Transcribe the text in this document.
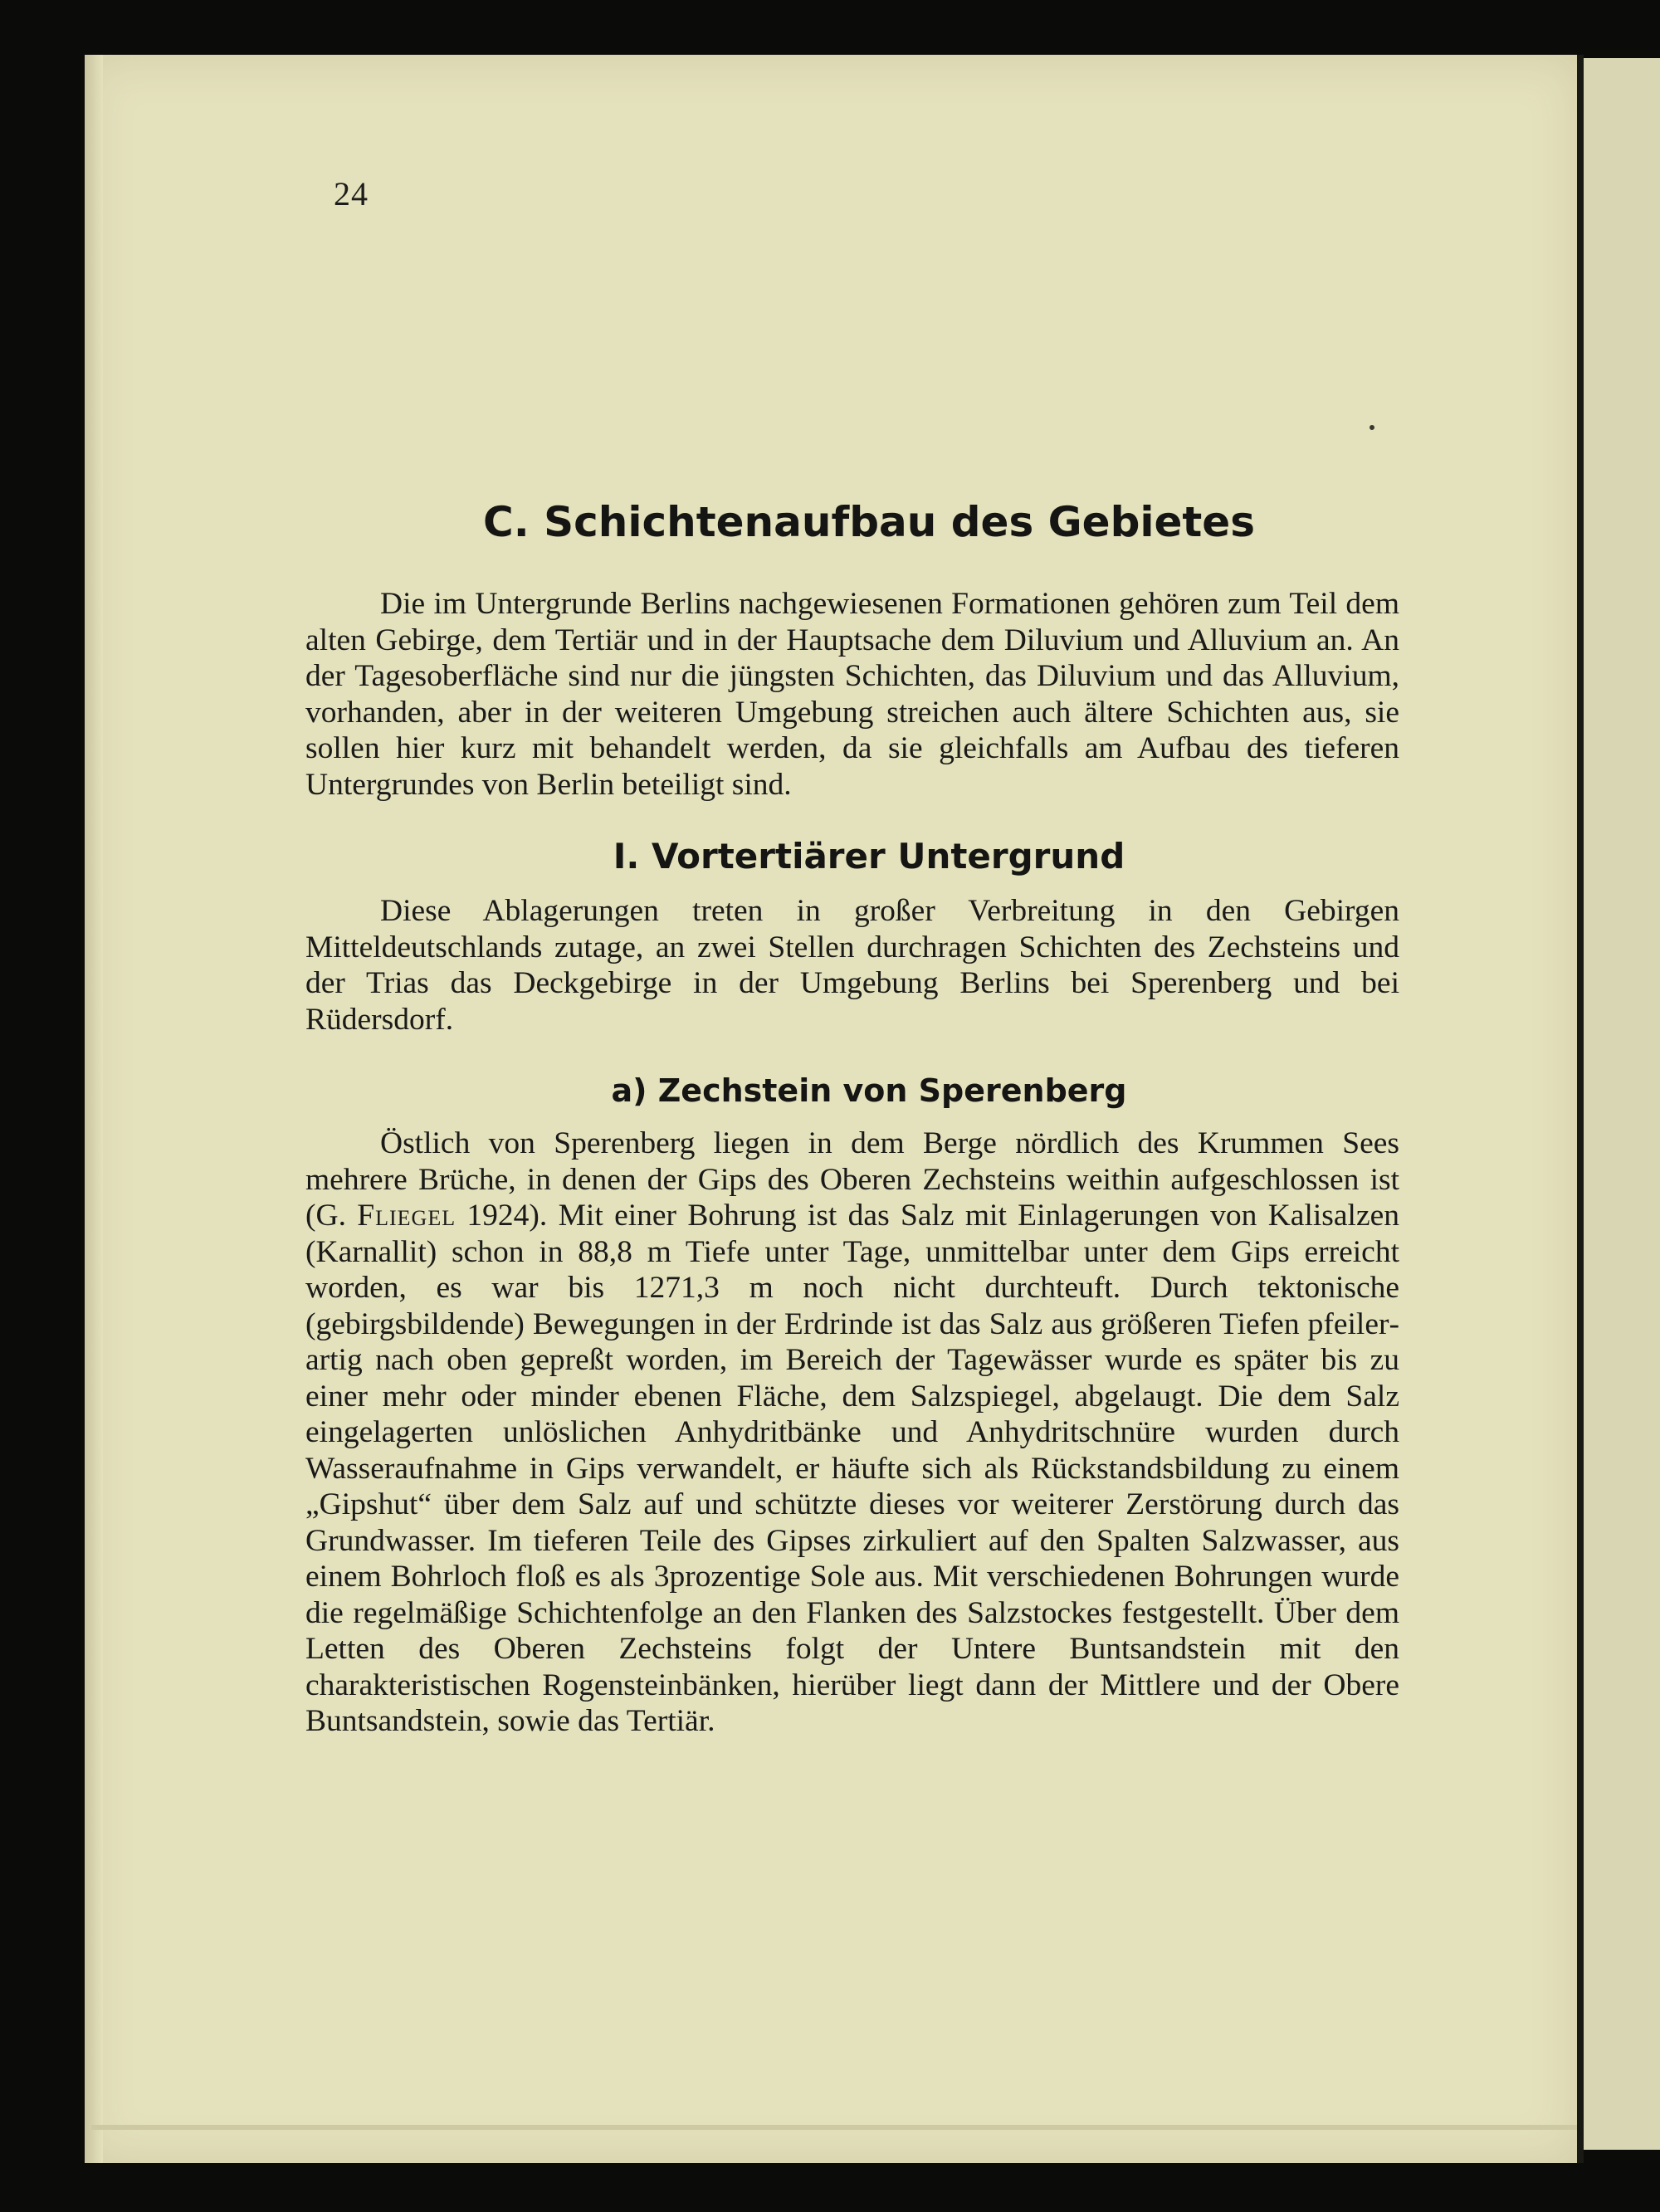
24
C. Schichtenaufbau des Gebietes

Die im Untergrunde Berlins nachgewiesenen Formationen gehören zum Teil dem alten Gebirge, dem Tertiär und in der Hauptsache dem Diluvium und Alluvium an. An der Tagesoberfläche sind nur die jüngsten Schichten, das Diluvium und das Alluvium, vorhanden, aber in der weiteren Umgebung streichen auch ältere Schichten aus, sie sollen hier kurz mit behandelt werden, da sie gleichfalls am Aufbau des tieferen Untergrundes von Berlin beteiligt sind.

I. Vortertiärer Untergrund

Diese Ablagerungen treten in großer Verbreitung in den Gebirgen Mitteldeutschlands zutage, an zwei Stellen durchragen Schichten des Zechsteins und der Trias das Deckgebirge in der Umgebung Berlins bei Sperenberg und bei Rüdersdorf.

a) Zechstein von Sperenberg

Östlich von Sperenberg liegen in dem Berge nördlich des Krummen Sees mehrere Brüche, in denen der Gips des Oberen Zechsteins weithin aufgeschlossen ist (G. Fliegel 1924). Mit einer Bohrung ist das Salz mit Einlagerungen von Kalisalzen (Karnallit) schon in 88,8 m Tiefe unter Tage, unmittelbar unter dem Gips erreicht worden, es war bis 1271,3 m noch nicht durchteuft. Durch tektonische (gebirgsbildende) Bewegungen in der Erdrinde ist das Salz aus größeren Tiefen pfeilerartig nach oben gepreßt worden, im Bereich der Tagewässer wurde es später bis zu einer mehr oder minder ebenen Fläche, dem Salzspiegel, abgelaugt. Die dem Salz eingelagerten unlöslichen Anhydritbänke und Anhydritschnüre wurden durch Wasseraufnahme in Gips verwandelt, er häufte sich als Rückstandsbildung zu einem „Gipshut“ über dem Salz auf und schützte dieses vor weiterer Zerstörung durch das Grundwasser. Im tieferen Teile des Gipses zirkuliert auf den Spalten Salzwasser, aus einem Bohrloch floß es als 3prozentige Sole aus. Mit verschiedenen Bohrungen wurde die regelmäßige Schichtenfolge an den Flanken des Salzstockes festgestellt. Über dem Letten des Oberen Zechsteins folgt der Untere Buntsandstein mit den charakteristischen Rogensteinbänken, hierüber liegt dann der Mittlere und der Obere Buntsandstein, sowie das Tertiär.
